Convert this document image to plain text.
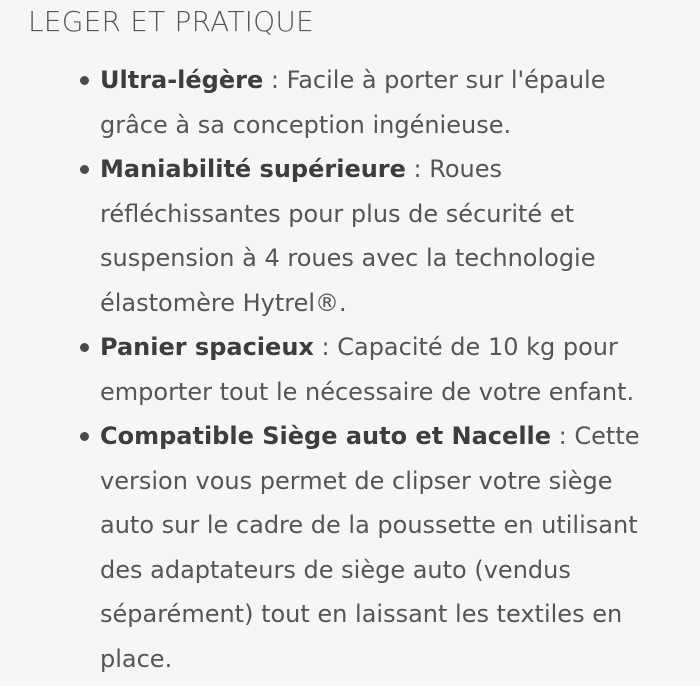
LEGER ET PRATIQUE
Ultra-légère : Facile à porter sur l'épaule grâce à sa conception ingénieuse.
Maniabilité supérieure : Roues réfléchissantes pour plus de sécurité et suspension à 4 roues avec la technologie élastomère Hytrel®.
Panier spacieux : Capacité de 10 kg pour emporter tout le nécessaire de votre enfant.
Compatible Siège auto et Nacelle : Cette version vous permet de clipser votre siège auto sur le cadre de la poussette en utilisant des adaptateurs de siège auto (vendus séparément) tout en laissant les textiles en place.
